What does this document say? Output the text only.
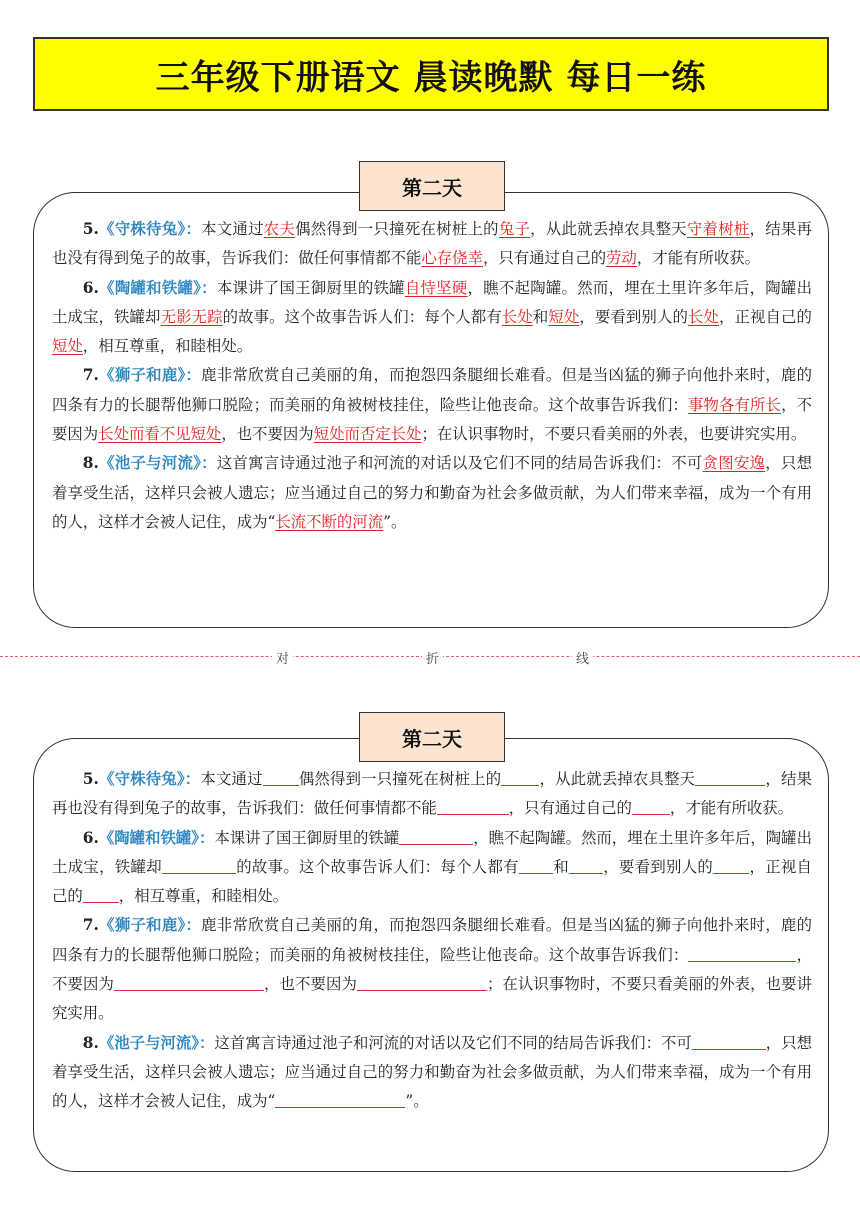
三年级下册语文 晨读晚默 每日一练

5.《守株待兔》：本文通过农夫偶然得到一只撞死在树桩上的兔子，从此就丢掉农具整天守着树桩，结果再也没有得到兔子的故事，告诉我们：做任何事情都不能心存侥幸，只有通过自己的劳动，才能有所收获。

6.《陶罐和铁罐》：本课讲了国王御厨里的铁罐自恃坚硬，瞧不起陶罐。然而，埋在土里许多年后，陶罐出土成宝，铁罐却无影无踪的故事。这个故事告诉人们：每个人都有长处和短处，要看到别人的长处，正视自己的短处，相互尊重，和睦相处。

7.《狮子和鹿》：鹿非常欣赏自己美丽的角，而抱怨四条腿细长难看。但是当凶猛的狮子向他扑来时，鹿的四条有力的长腿帮他狮口脱险；而美丽的角被树枝挂住，险些让他丧命。这个故事告诉我们：事物各有所长，不要因为长处而看不见短处，也不要因为短处而否定长处；在认识事物时，不要只看美丽的外表，也要讲究实用。

8.《池子与河流》：这首寓言诗通过池子和河流的对话以及它们不同的结局告诉我们：不可贪图安逸，只想着享受生活，这样只会被人遗忘；应当通过自己的努力和勤奋为社会多做贡献，为人们带来幸福，成为一个有用的人，这样才会被人记住，成为“长流不断的河流”。

第二天
对	折	线

5.《守株待兔》：本文通过 偶然得到一只撞死在树桩上的 ，从此就丢掉农具整天	，结果再也没有得到兔子的故事，告诉我们：做任何事情都不能	，只有通过自己的 ，才能有所收获。

6.《陶罐和铁罐》：本课讲了国王御厨里的铁罐	，瞧不起陶罐。然而，埋在土里许多年后，陶罐出土成宝，铁罐却	的故事。这个故事告诉人们：每个人都有 和 ，要看到别人的 ，正视自己的 ，相互尊重，和睦相处。

7.《狮子和鹿》：鹿非常欣赏自己美丽的角，而抱怨四条腿细长难看。但是当凶猛的狮子向他扑来时，鹿的四条有力的长腿帮他狮口脱险；而美丽的角被树枝挂住，险些让他丧命。这个故事告诉我们：	，不要因为	，也不要因为	；在认识事物时，不要只看美丽的外表，也要讲究实用。

8.《池子与河流》：这首寓言诗通过池子和河流的对话以及它们不同的结局告诉我们：不可	，只想着享受生活，这样只会被人遗忘；应当通过自己的努力和勤奋为社会多做贡献，为人们带来幸福，成为一个有用的人，这样才会被人记住，成为“	”。

第二天
